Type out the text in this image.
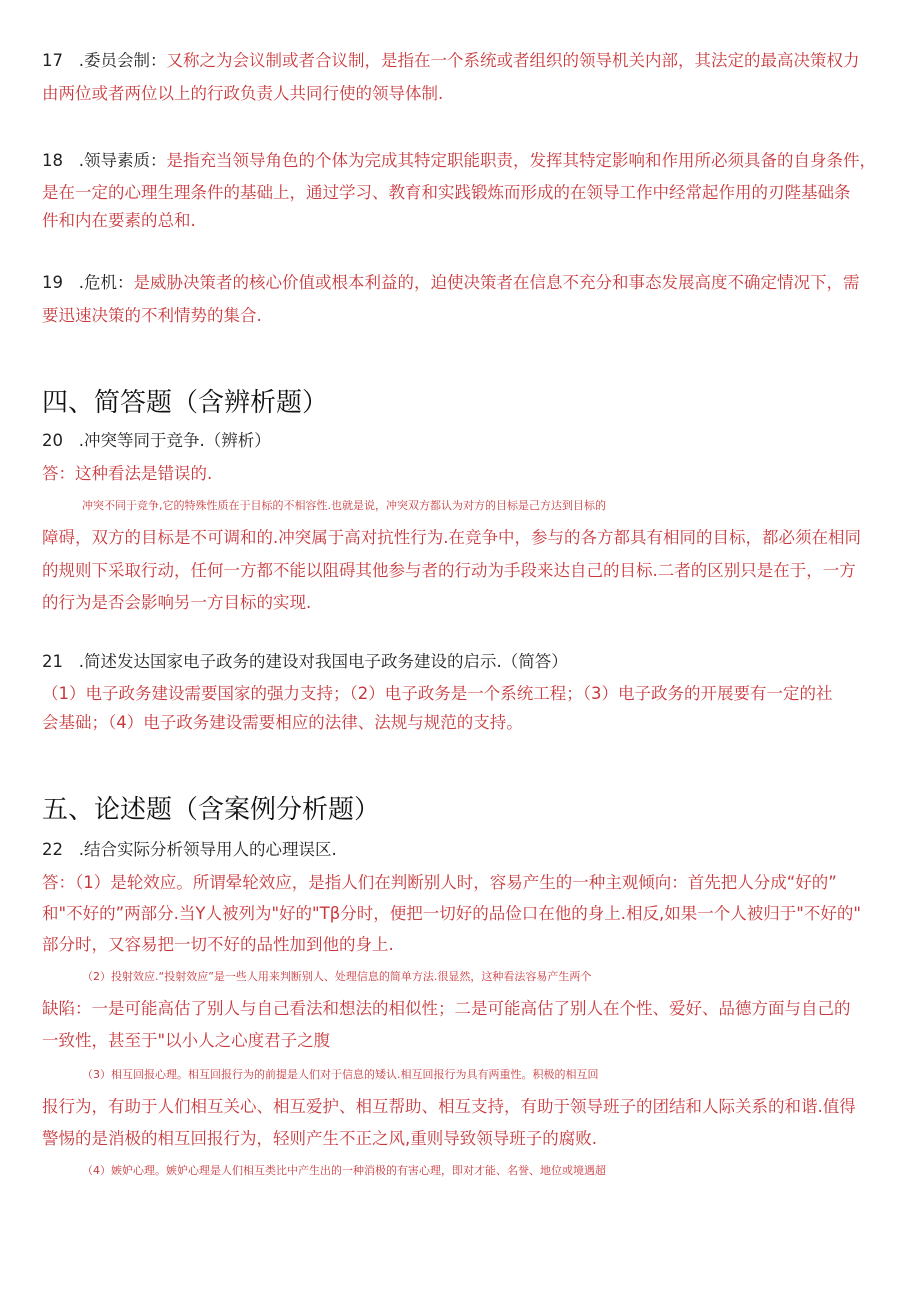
17 .委员会制：又称之为会议制或者合议制，是指在一个系统或者组织的领导机关内部，其法定的最高决策权力
由两位或者两位以上的行政负责人共同行使的领导体制.
18 .领导素质：是指充当领导角色的个体为完成其特定职能职责，发挥其特定影响和作用所必须具备的自身条件，
是在一定的心理生理条件的基础上，通过学习、教育和实践锻炼而形成的在领导工作中经常起作用的刃陛基础条
件和内在要素的总和.
19 .危机：是威胁决策者的核心价值或根本利益的，迫使决策者在信息不充分和事态发展高度不确定情况下，需
要迅速决策的不利情势的集合.
四、简答题（含辨析题）
20 .冲突等同于竞争.（辨析）
答：这种看法是错误的.
冲突不同于竞争,它的特殊性质在于目标的不相容性.也就是说，冲突双方都认为对方的目标是己方达到目标的
障碍，双方的目标是不可调和的.冲突属于高对抗性行为.在竞争中，参与的各方都具有相同的目标，都必须在相同
的规则下采取行动，任何一方都不能以阻碍其他参与者的行动为手段来达自己的目标.二者的区别只是在于，一方
的行为是否会影响另一方目标的实现.
21 .简述发达国家电子政务的建设对我国电子政务建设的启示.（简答）
（1）电子政务建设需要国家的强力支持；（2）电子政务是一个系统工程；（3）电子政务的开展要有一定的社
会基础；（4）电子政务建设需要相应的法律、法规与规范的支持。
五、论述题（含案例分析题）
22 .结合实际分析领导用人的心理误区.
答：（1）是轮效应。所谓晕轮效应，是指人们在判断别人时，容易产生的一种主观倾向：首先把人分成“好的”
和"不好的”两部分.当Y人被列为"好的"Tβ分时，便把一切好的品俭口在他的身上.相反,如果一个人被归于"不好的"
部分时，又容易把一切不好的品性加到他的身上.
（2）投射效应.“投射效应”是一些人用来判断别人、处理信息的简单方法.很显然，这种看法容易产生两个
缺陷：一是可能高估了别人与自己看法和想法的相似性；二是可能高估了别人在个性、爱好、品德方面与自己的
一致性，甚至于"以小人之心度君子之腹
（3）相互回报心理。相互回报行为的前提是人们对于信息的矮认.相互回报行为具有两重性。积极的相互回
报行为，有助于人们相互关心、相互爱护、相互帮助、相互支持，有助于领导班子的团结和人际关系的和谐.值得
警惕的是消极的相互回报行为，轻则产生不正之风,重则导致领导班子的腐败.
（4）嫉妒心理。嫉妒心理是人们相互类比中产生出的一种消极的有害心理，即对才能、名誉、地位或境遇超
